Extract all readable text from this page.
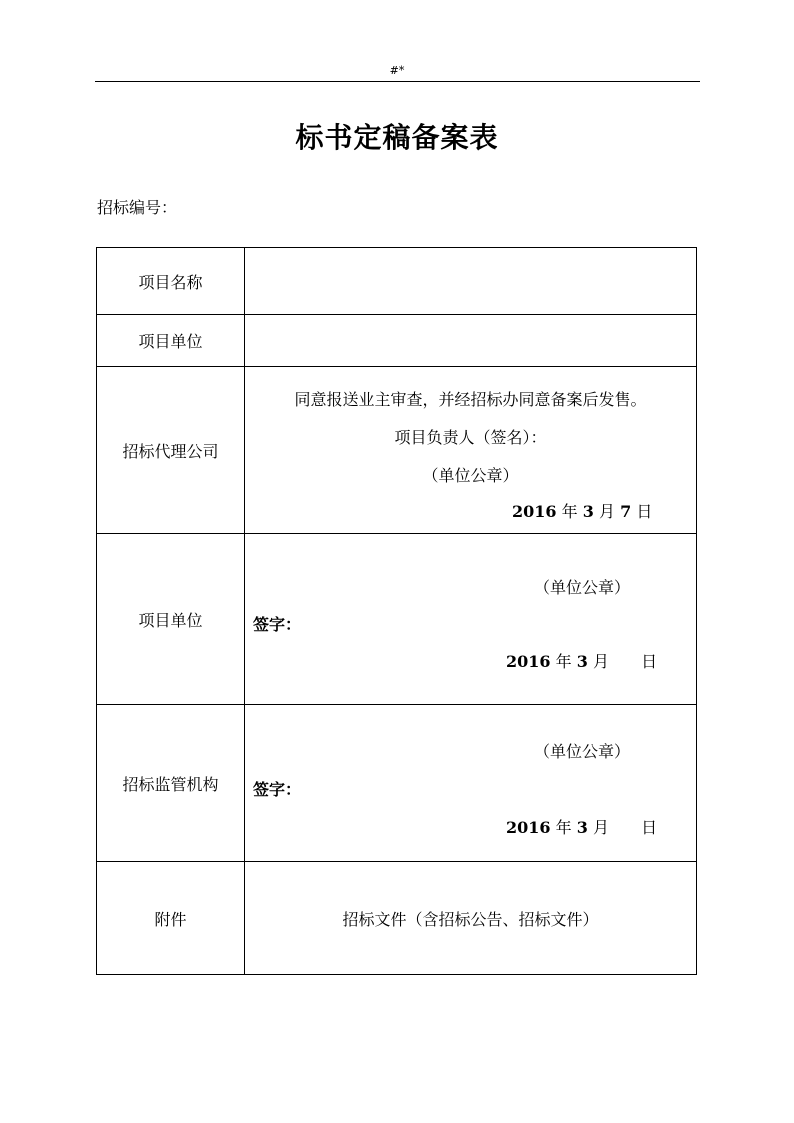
#*
标书定稿备案表
招标编号：
项目名称	
项目单位	
招标代理公司	同意报送业主审查，并经招标办同意备案后发售。
项目负责人（签名）：
（单位公章）
2016 年 3 月 7 日

项目单位	（单位公章）
签字：
2016 年 3 月 日

招标监管机构	（单位公章）
签字：
2016 年 3 月 日

附件	招标文件（含招标公告、招标文件）
